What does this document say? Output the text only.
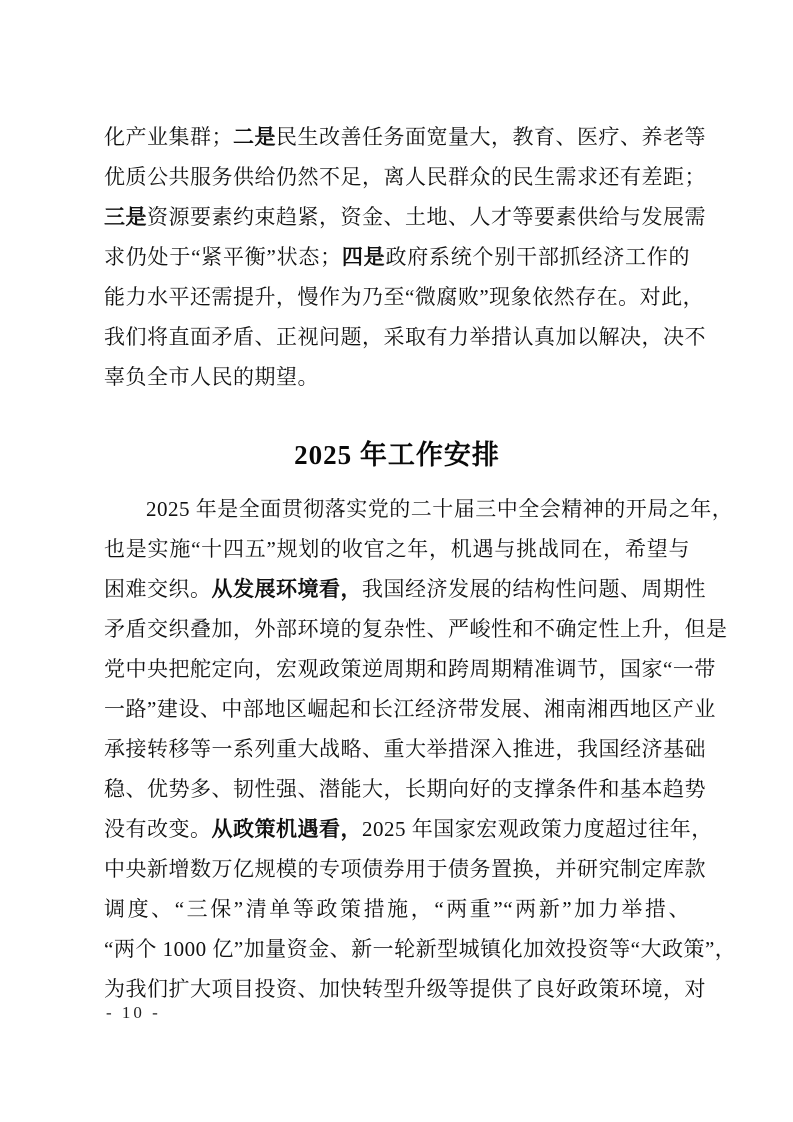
化产业集群；二是民生改善任务面宽量大，教育、医疗、养老等
优质公共服务供给仍然不足，离人民群众的民生需求还有差距；
三是资源要素约束趋紧，资金、土地、人才等要素供给与发展需
求仍处于“紧平衡”状态；四是政府系统个别干部抓经济工作的
能力水平还需提升，慢作为乃至“微腐败”现象依然存在。对此，
我们将直面矛盾、正视问题，采取有力举措认真加以解决，决不
辜负全市人民的期望。
2025 年工作安排
2025 年是全面贯彻落实党的二十届三中全会精神的开局之年，
也是实施“十四五”规划的收官之年，机遇与挑战同在，希望与
困难交织。从发展环境看，我国经济发展的结构性问题、周期性
矛盾交织叠加，外部环境的复杂性、严峻性和不确定性上升，但是
党中央把舵定向，宏观政策逆周期和跨周期精准调节，国家“一带
一路”建设、中部地区崛起和长江经济带发展、湘南湘西地区产业
承接转移等一系列重大战略、重大举措深入推进，我国经济基础
稳、优势多、韧性强、潜能大，长期向好的支撑条件和基本趋势
没有改变。从政策机遇看，2025 年国家宏观政策力度超过往年，
中央新增数万亿规模的专项债券用于债务置换，并研究制定库款
调度、“三保”清单等政策措施，“两重”“两新”加力举措、
“两个 1000 亿”加量资金、新一轮新型城镇化加效投资等“大政策”，
为我们扩大项目投资、加快转型升级等提供了良好政策环境，对
- 10 -
